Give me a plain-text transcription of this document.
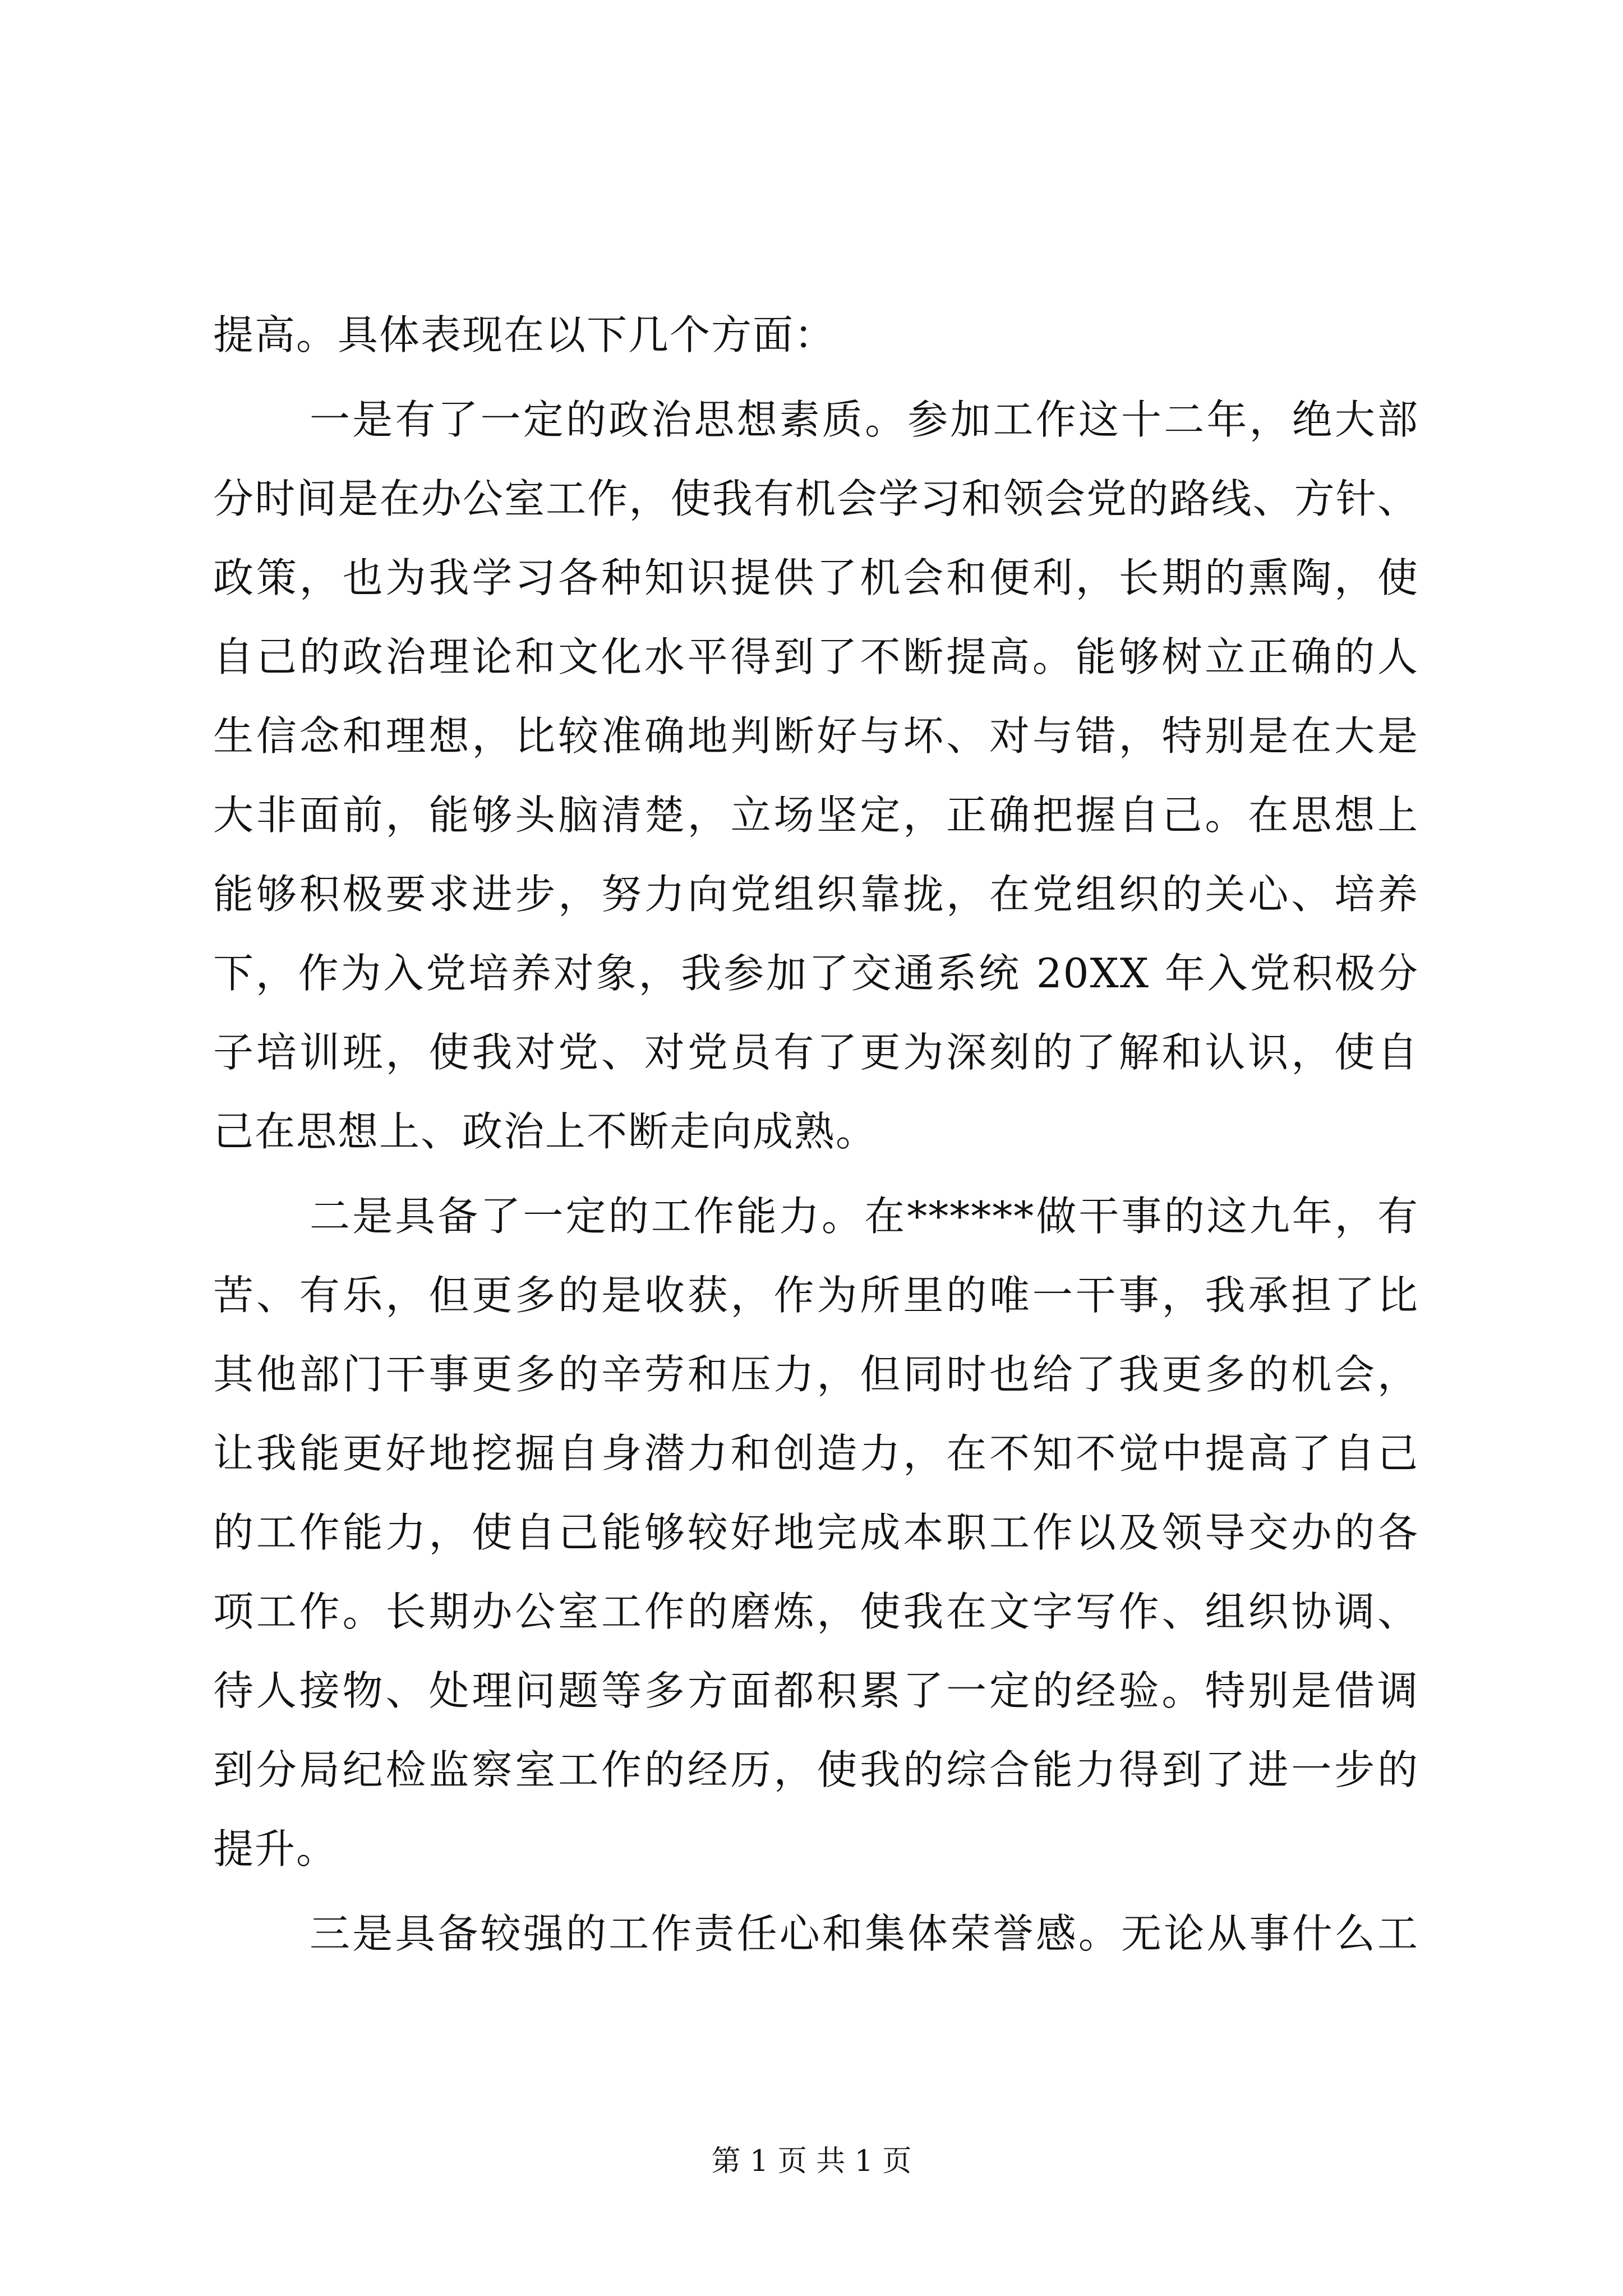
提高。具体表现在以下几个方面：
一是有了一定的政治思想素质。参加工作这十二年，绝大部
分时间是在办公室工作，使我有机会学习和领会党的路线、方针、
政策，也为我学习各种知识提供了机会和便利，长期的熏陶，使
自己的政治理论和文化水平得到了不断提高。能够树立正确的人
生信念和理想，比较准确地判断好与坏、对与错，特别是在大是
大非面前，能够头脑清楚，立场坚定，正确把握自己。在思想上
能够积极要求进步，努力向党组织靠拢，在党组织的关心、培养
下，作为入党培养对象，我参加了交通系统 20XX 年入党积极分
子培训班，使我对党、对党员有了更为深刻的了解和认识，使自
己在思想上、政治上不断走向成熟。
二是具备了一定的工作能力。在******做干事的这九年，有
苦、有乐，但更多的是收获，作为所里的唯一干事，我承担了比
其他部门干事更多的辛劳和压力，但同时也给了我更多的机会，
让我能更好地挖掘自身潜力和创造力，在不知不觉中提高了自己
的工作能力，使自己能够较好地完成本职工作以及领导交办的各
项工作。长期办公室工作的磨炼，使我在文字写作、组织协调、
待人接物、处理问题等多方面都积累了一定的经验。特别是借调
到分局纪检监察室工作的经历，使我的综合能力得到了进一步的
提升。
三是具备较强的工作责任心和集体荣誉感。无论从事什么工
第 1 页 共 1 页
